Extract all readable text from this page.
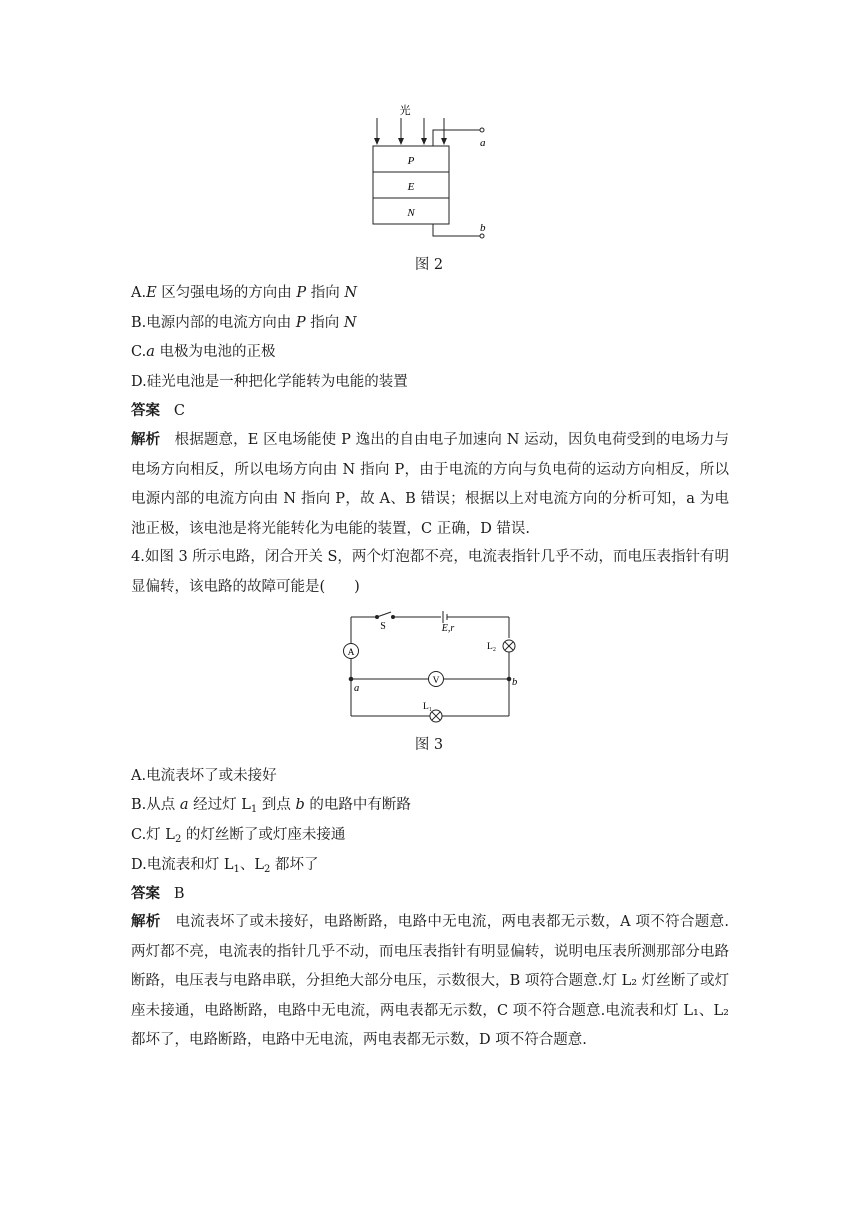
光
P
E
N
a
b
图 2
A.E 区匀强电场的方向由 P 指向 N
B.电源内部的电流方向由 P 指向 N
C.a 电极为电池的正极
D.硅光电池是一种把化学能转为电能的装置
答案 C
解析 根据题意，E 区电场能使 P 逸出的自由电子加速向 N 运动，因负电荷受到的电场力与电场方向相反，所以电场方向由 N 指向 P，由于电流的方向与负电荷的运动方向相反，所以电源内部的电流方向由 N 指向 P，故 A、B 错误；根据以上对电流方向的分析可知，a 为电池正极，该电池是将光能转化为电能的装置，C 正确，D 错误.
4.如图 3 所示电路，闭合开关 S，两个灯泡都不亮，电流表指针几乎不动，而电压表指针有明显偏转，该电路的故障可能是(　　)
S	E,r
A
V
L₂
L₁
a
b
图 3
A.电流表坏了或未接好
B.从点 a 经过灯 $L_1$ 到点 b 的电路中有断路
C.灯 $L_2$ 的灯丝断了或灯座未接通
D.电流表和灯 $L_1$、$L_2$ 都坏了
答案 B
解析 电流表坏了或未接好，电路断路，电路中无电流，两电表都无示数，A 项不符合题意.两灯都不亮，电流表的指针几乎不动，而电压表指针有明显偏转，说明电压表所测那部分电路断路，电压表与电路串联，分担绝大部分电压，示数很大，B 项符合题意.灯 L₂ 灯丝断了或灯座未接通，电路断路，电路中无电流，两电表都无示数，C 项不符合题意.电流表和灯 L₁、L₂ 都坏了，电路断路，电路中无电流，两电表都无示数，D 项不符合题意.
